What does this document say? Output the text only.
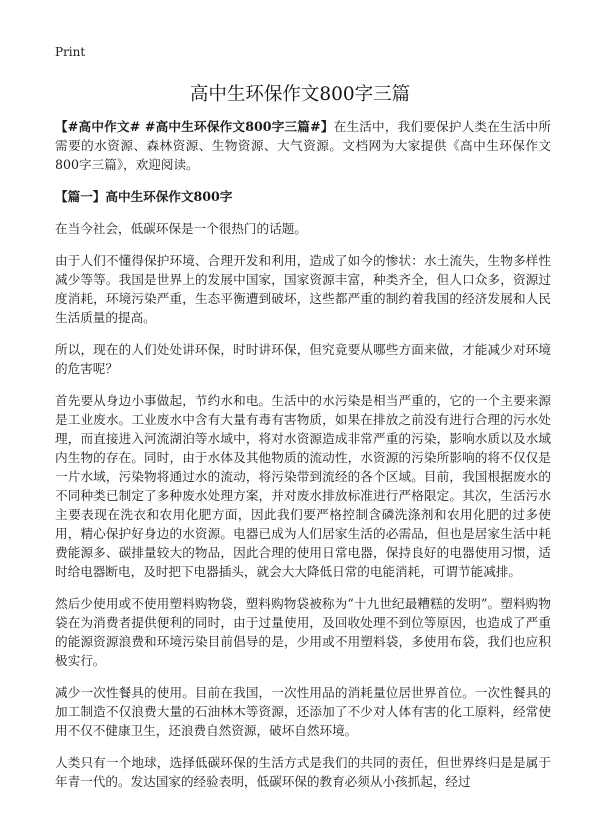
Print
高中生环保作文800字三篇

【#高中作文# #高中生环保作文800字三篇#】在生活中，我们要保护人类在生活中所需要的水资源、森林资源、生物资源、大气资源。文档网为大家提供《高中生环保作文800字三篇》，欢迎阅读。

【篇一】高中生环保作文800字

在当今社会，低碳环保是一个很热门的话题。

由于人们不懂得保护环境、合理开发和利用，造成了如今的惨状：水土流失，生物多样性减少等等。我国是世界上的发展中国家，国家资源丰富，种类齐全，但人口众多，资源过度消耗，环境污染严重，生态平衡遭到破坏，这些都严重的制约着我国的经济发展和人民生活质量的提高。

所以，现在的人们处处讲环保，时时讲环保，但究竟要从哪些方面来做，才能减少对环境的危害呢？

首先要从身边小事做起，节约水和电。生活中的水污染是相当严重的，它的一个主要来源是工业废水。工业废水中含有大量有毒有害物质，如果在排放之前没有进行合理的污水处理，而直接进入河流湖泊等水域中，将对水资源造成非常严重的污染，影响水质以及水域内生物的存在。同时，由于水体及其他物质的流动性，水资源的污染所影响的将不仅仅是一片水域，污染物将通过水的流动，将污染带到流经的各个区域。目前，我国根据废水的不同种类已制定了多种废水处理方案，并对废水排放标准进行严格限定。其次，生活污水主要表现在洗衣和农用化肥方面，因此我们要严格控制含磷洗涤剂和农用化肥的过多使用，精心保护好身边的水资源。电器已成为人们居家生活的必需品，但也是居家生活中耗费能源多、碳排量较大的物品，因此合理的使用日常电器，保持良好的电器使用习惯，适时给电器断电，及时把下电器插头，就会大大降低日常的电能消耗，可谓节能减排。

然后少使用或不使用塑料购物袋，塑料购物袋被称为“十九世纪最糟糕的发明”。塑料购物袋在为消费者提供便利的同时，由于过量使用，及回收处理不到位等原因，也造成了严重的能源资源浪费和环境污染目前倡导的是，少用或不用塑料袋，多使用布袋，我们也应积极实行。

减少一次性餐具的使用。目前在我国，一次性用品的消耗量位居世界首位。一次性餐具的加工制造不仅浪费大量的石油林木等资源，还添加了不少对人体有害的化工原料，经常使用不仅不健康卫生，还浪费自然资源，破坏自然环境。

人类只有一个地球，选择低碳环保的生活方式是我们的共同的责任，但世界终归是是属于年青一代的。发达国家的经验表明，低碳环保的教育必须从小孩抓起，经过
